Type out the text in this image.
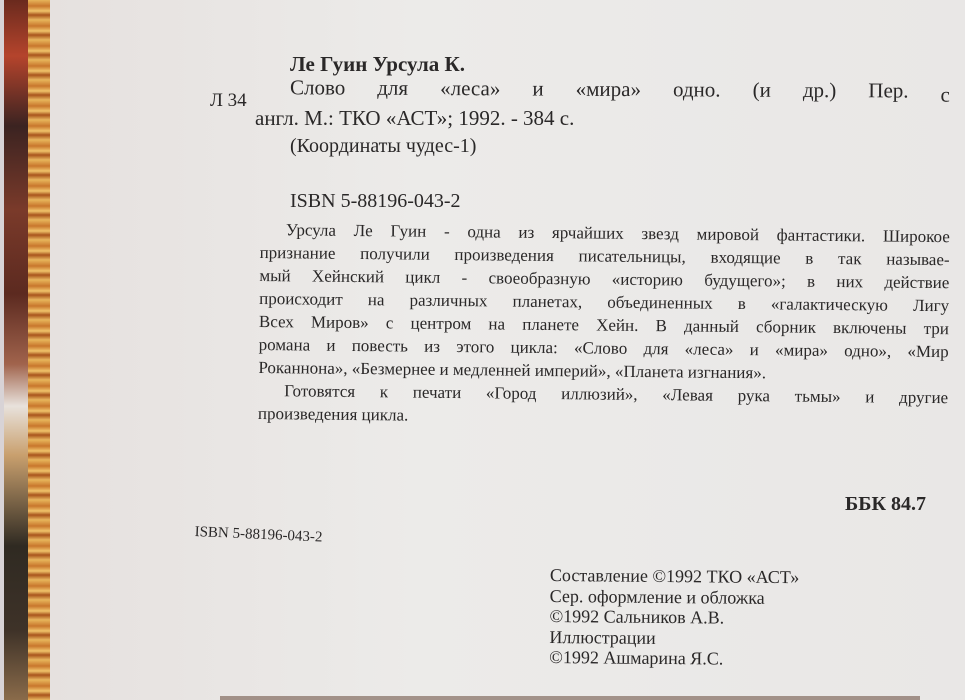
Л 34
Ле Гуин Урсула К.
Слово для «леса» и «мира» одно. (и др.) Пер. с
англ. М.: ТКО «АСТ»; 1992. - 384 с.
(Координаты чудес-1)
ISBN 5-88196-043-2

Урсула Ле Гуин - одна из ярчайших звезд мировой фантастики. Широкое

признание получили произведения писательницы, входящие в так называе-

мый Хейнский цикл - своеобразную «историю будущего»; в них действие

происходит на различных планетах, объединенных в «галактическую Лигу

Всех Миров» с центром на планете Хейн. В данный сборник включены три

романа и повесть из этого цикла: «Слово для «леса» и «мира» одно», «Мир

Роканнона», «Безмернее и медленней империй», «Планета изгнания».

Готовятся к печати «Город иллюзий», «Левая рука тьмы» и другие

произведения цикла.

ББК 84.7
ISBN 5-88196-043-2
Составление ©1992 ТКО «АСТ»
Сер. оформление и обложка
©1992 Сальников А.В.
Иллюстрации
©1992 Ашмарина Я.С.
